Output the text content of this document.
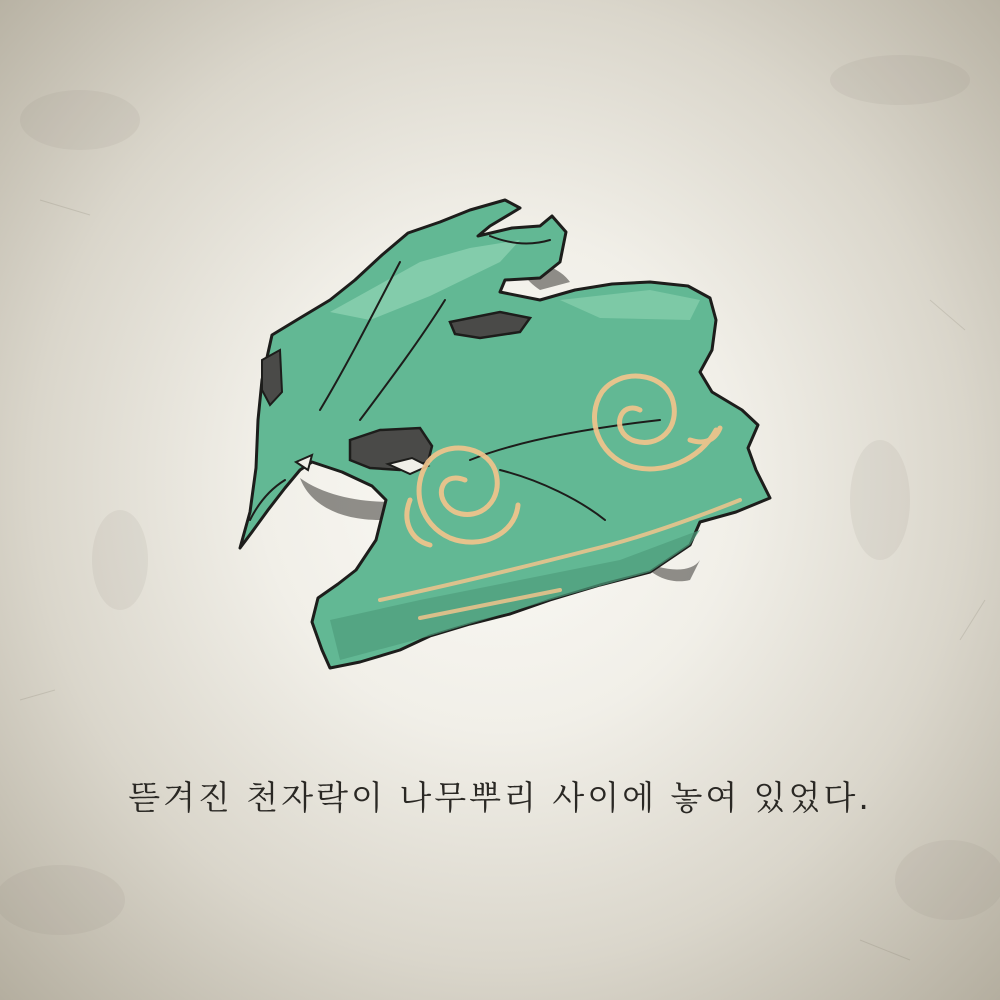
뜯겨진 천자락이 나무뿌리 사이에 놓여 있었다.
